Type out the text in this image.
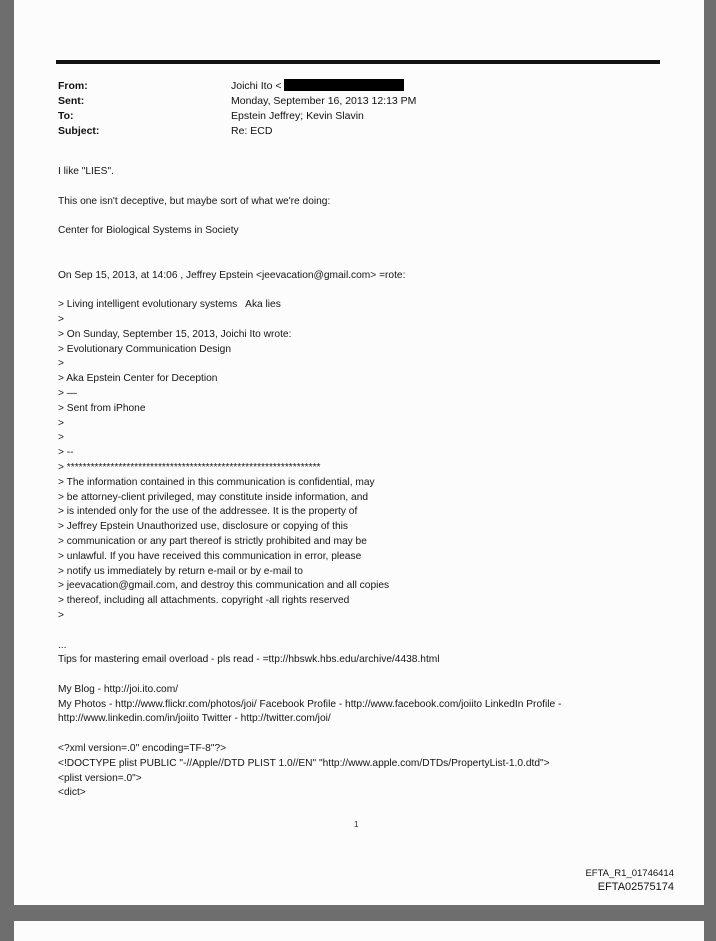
From:	Joichi Ito <
Sent:	Monday, September 16, 2013 12:13 PM
To:	Epstein Jeffrey; Kevin Slavin
Subject:	Re: ECD
I like "LIES".
This one isn't deceptive, but maybe sort of what we're doing:
Center for Biological Systems in Society
On Sep 15, 2013, at 14:06 , Jeffrey Epstein <jeevacation@gmail.com> =rote:
> Living intelligent evolutionary systems   Aka lies
>
> On Sunday, September 15, 2013, Joichi Ito wrote:
> Evolutionary Communication Design
>
> Aka Epstein Center for Deception
> —
> Sent from iPhone
>
>
> --
> ****************************************************************
> The information contained in this communication is confidential, may
> be attorney-client privileged, may constitute inside information, and
> is intended only for the use of the addressee. It is the property of
> Jeffrey Epstein Unauthorized use, disclosure or copying of this
> communication or any part thereof is strictly prohibited and may be
> unlawful. If you have received this communication in error, please
> notify us immediately by return e-mail or by e-mail to
> jeevacation@gmail.com, and destroy this communication and all copies
> thereof, including all attachments. copyright -all rights reserved
>
...
Tips for mastering email overload - pls read - =ttp://hbswk.hbs.edu/archive/4438.html
My Blog - http://joi.ito.com/
My Photos - http://www.flickr.com/photos/joi/ Facebook Profile - http://www.facebook.com/joiito LinkedIn Profile -
http://www.linkedin.com/in/joiito Twitter - http://twitter.com/joi/
<?xml version=.0" encoding=TF-8"?>
<!DOCTYPE plist PUBLIC "-//Apple//DTD PLIST 1.0//EN" "http://www.apple.com/DTDs/PropertyList-1.0.dtd">
<plist version=.0">
<dict>
1
EFTA_R1_01746414
EFTA02575174
